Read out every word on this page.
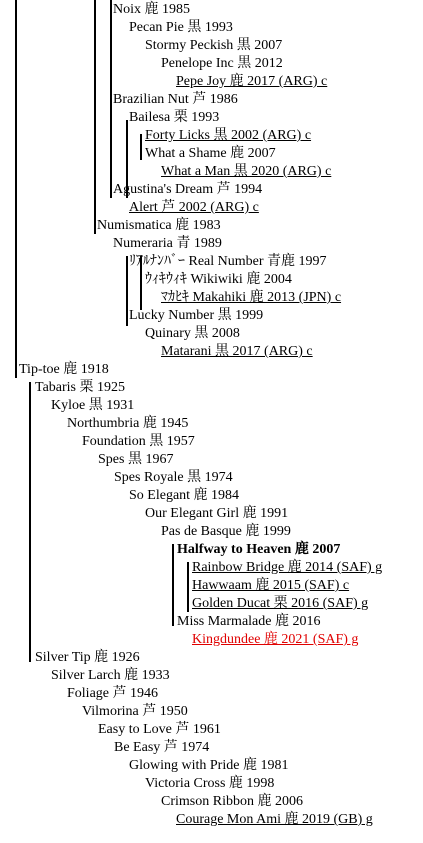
Noix 鹿 1985
Pecan Pie 黒 1993
Stormy Peckish 黒 2007
Penelope Inc 黒 2012
Pepe Joy 鹿 2017 (ARG) c
Brazilian Nut 芦 1986
Bailesa 栗 1993
Forty Licks 黒 2002 (ARG) c
What a Shame 鹿 2007
What a Man 黒 2020 (ARG) c
Agustina's Dream 芦 1994
Alert 芦 2002 (ARG) c
Numismatica 鹿 1983
Numeraria 青 1989
ﾘｱﾙﾅﾝﾊﾞｰ Real Number 青鹿 1997
ｳｨｷｳｨｷ Wikiwiki 鹿 2004
ﾏｶﾋｷ Makahiki 鹿 2013 (JPN) c
Lucky Number 黒 1999
Quinary 黒 2008
Matarani 黒 2017 (ARG) c
Tip-toe 鹿 1918
Tabaris 栗 1925
Kyloe 黒 1931
Northumbria 鹿 1945
Foundation 黒 1957
Spes 黒 1967
Spes Royale 黒 1974
So Elegant 鹿 1984
Our Elegant Girl 鹿 1991
Pas de Basque 鹿 1999
Halfway to Heaven 鹿 2007
Rainbow Bridge 鹿 2014 (SAF) g
Hawwaam 鹿 2015 (SAF) c
Golden Ducat 栗 2016 (SAF) g
Miss Marmalade 鹿 2016
Kingdundee 鹿 2021 (SAF) g
Silver Tip 鹿 1926
Silver Larch 鹿 1933
Foliage 芦 1946
Vilmorina 芦 1950
Easy to Love 芦 1961
Be Easy 芦 1974
Glowing with Pride 鹿 1981
Victoria Cross 鹿 1998
Crimson Ribbon 鹿 2006
Courage Mon Ami 鹿 2019 (GB) g
